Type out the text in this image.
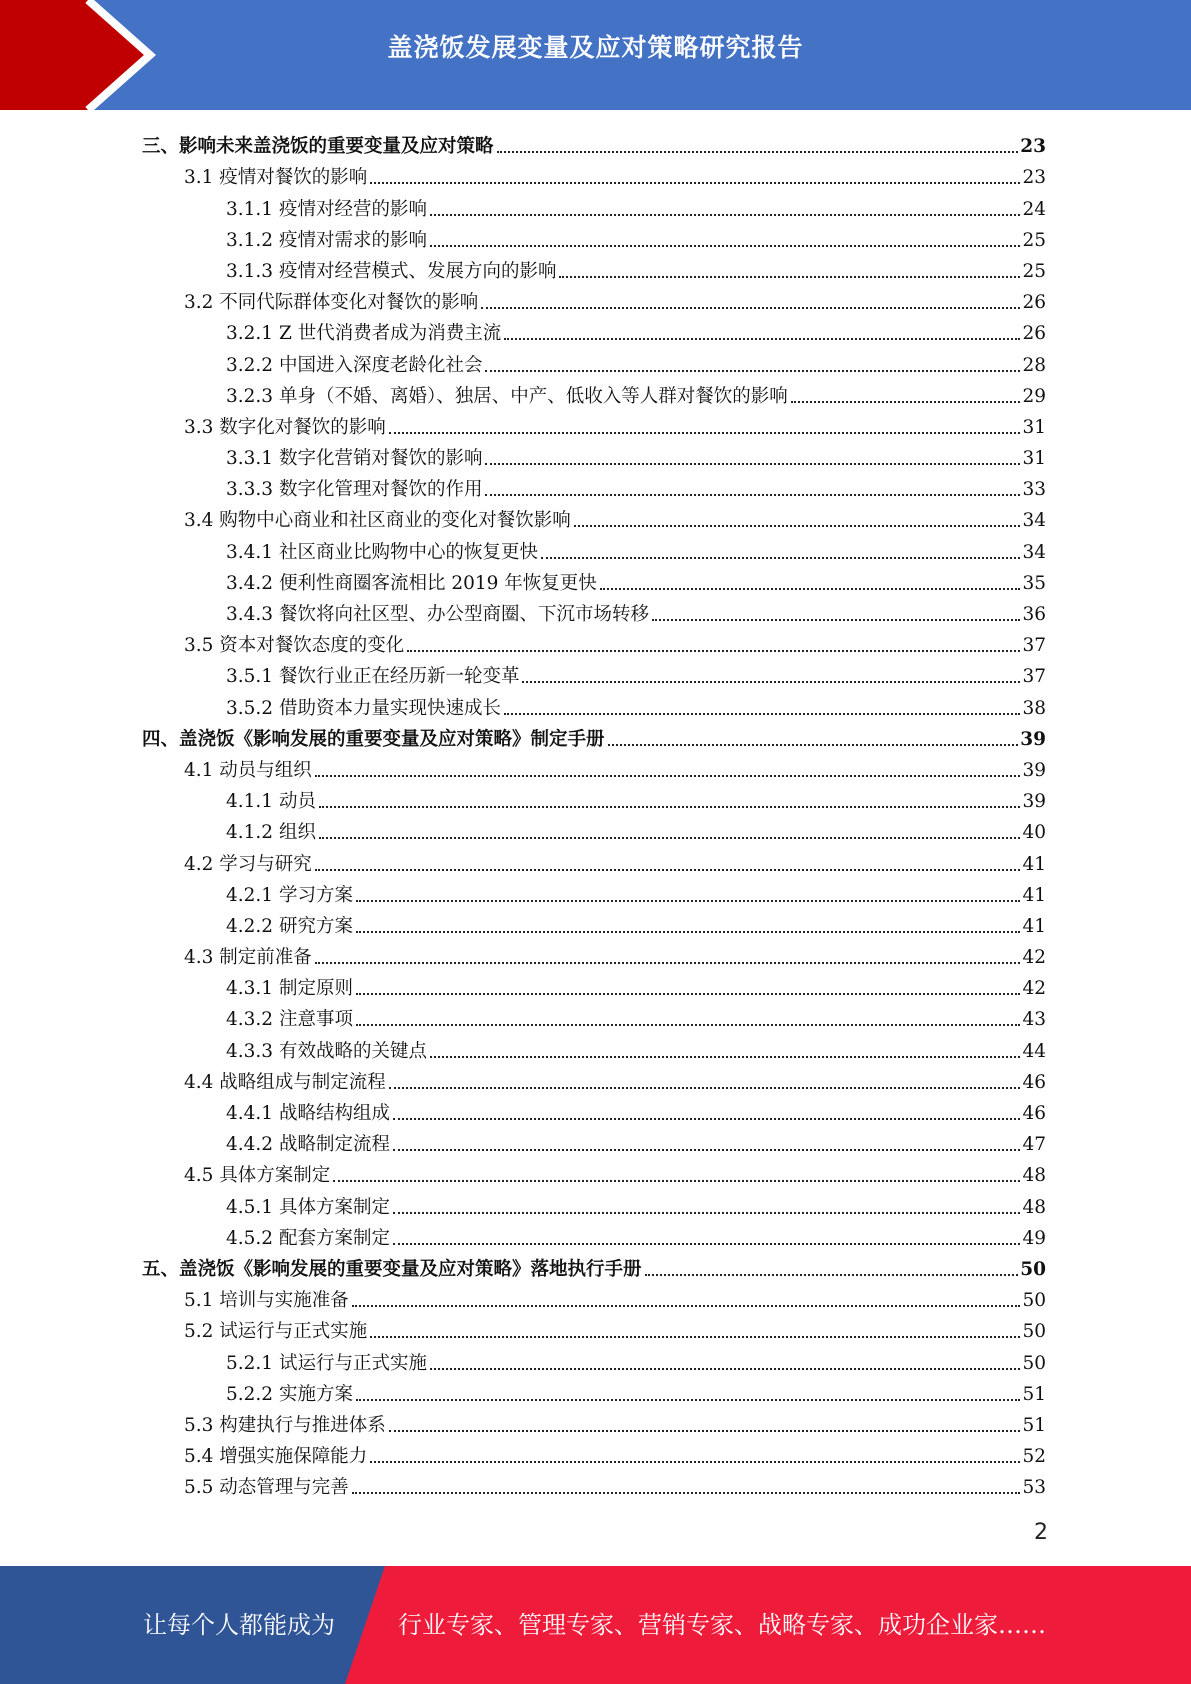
盖浇饭发展变量及应对策略研究报告
三、影响未来盖浇饭的重要变量及应对策略	23
3.1 疫情对餐饮的影响	23
3.1.1 疫情对经营的影响	24
3.1.2 疫情对需求的影响	25
3.1.3 疫情对经营模式、发展方向的影响	25
3.2 不同代际群体变化对餐饮的影响	26
3.2.1 Z 世代消费者成为消费主流	26
3.2.2 中国进入深度老龄化社会	28
3.2.3 单身（不婚、离婚）、独居、中产、低收入等人群对餐饮的影响	29
3.3 数字化对餐饮的影响	31
3.3.1 数字化营销对餐饮的影响	31
3.3.3 数字化管理对餐饮的作用	33
3.4 购物中心商业和社区商业的变化对餐饮影响	34
3.4.1 社区商业比购物中心的恢复更快	34
3.4.2 便利性商圈客流相比 2019 年恢复更快	35
3.4.3 餐饮将向社区型、办公型商圈、下沉市场转移	36
3.5 资本对餐饮态度的变化	37
3.5.1 餐饮行业正在经历新一轮变革	37
3.5.2 借助资本力量实现快速成长	38
四、盖浇饭《影响发展的重要变量及应对策略》制定手册	39
4.1 动员与组织	39
4.1.1 动员	39
4.1.2 组织	40
4.2 学习与研究	41
4.2.1 学习方案	41
4.2.2 研究方案	41
4.3 制定前准备	42
4.3.1 制定原则	42
4.3.2 注意事项	43
4.3.3 有效战略的关键点	44
4.4 战略组成与制定流程	46
4.4.1 战略结构组成	46
4.4.2 战略制定流程	47
4.5 具体方案制定	48
4.5.1 具体方案制定	48
4.5.2 配套方案制定	49
五、盖浇饭《影响发展的重要变量及应对策略》落地执行手册	50
5.1 培训与实施准备	50
5.2 试运行与正式实施	50
5.2.1 试运行与正式实施	50
5.2.2 实施方案	51
5.3 构建执行与推进体系	51
5.4 增强实施保障能力	52
5.5 动态管理与完善	53
2
让每个人都能成为	行业专家、管理专家、营销专家、战略专家、成功企业家……
